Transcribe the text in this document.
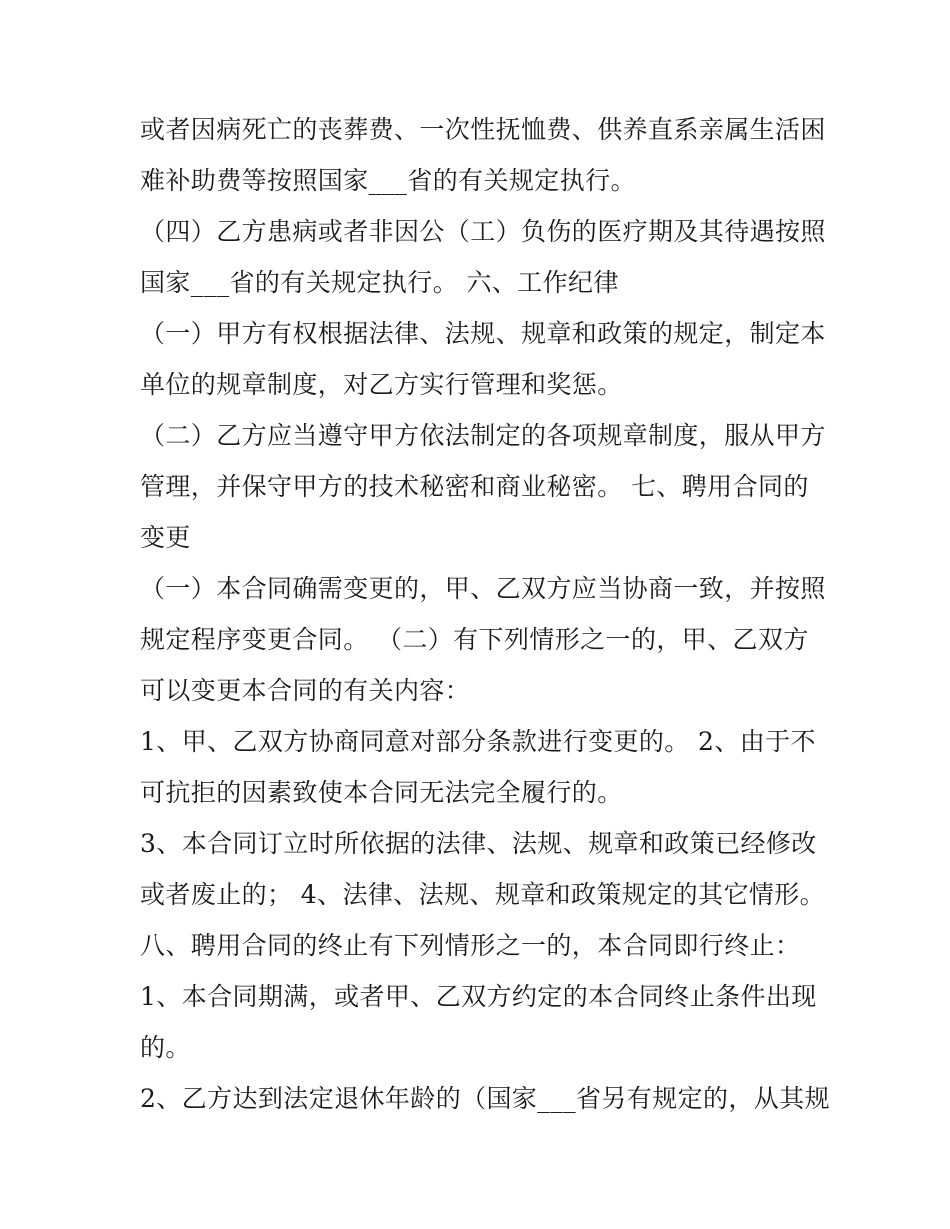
或者因病死亡的丧葬费、一次性抚恤费、供养直系亲属生活困
难补助费等按照国家___省的有关规定执行。
（四）乙方患病或者非因公（工）负伤的医疗期及其待遇按照
国家___省的有关规定执行。 六、工作纪律
（一）甲方有权根据法律、法规、规章和政策的规定，制定本
单位的规章制度，对乙方实行管理和奖惩。
（二）乙方应当遵守甲方依法制定的各项规章制度，服从甲方
管理，并保守甲方的技术秘密和商业秘密。 七、聘用合同的
变更
（一）本合同确需变更的，甲、乙双方应当协商一致，并按照
规定程序变更合同。 （二）有下列情形之一的，甲、乙双方
可以变更本合同的有关内容：
1、甲、乙双方协商同意对部分条款进行变更的。 2、由于不
可抗拒的因素致使本合同无法完全履行的。
3、本合同订立时所依据的法律、法规、规章和政策已经修改
或者废止的； 4、法律、法规、规章和政策规定的其它情形。
八、聘用合同的终止有下列情形之一的，本合同即行终止：
1、本合同期满，或者甲、乙双方约定的本合同终止条件出现
的。
2、乙方达到法定退休年龄的（国家___省另有规定的，从其规
